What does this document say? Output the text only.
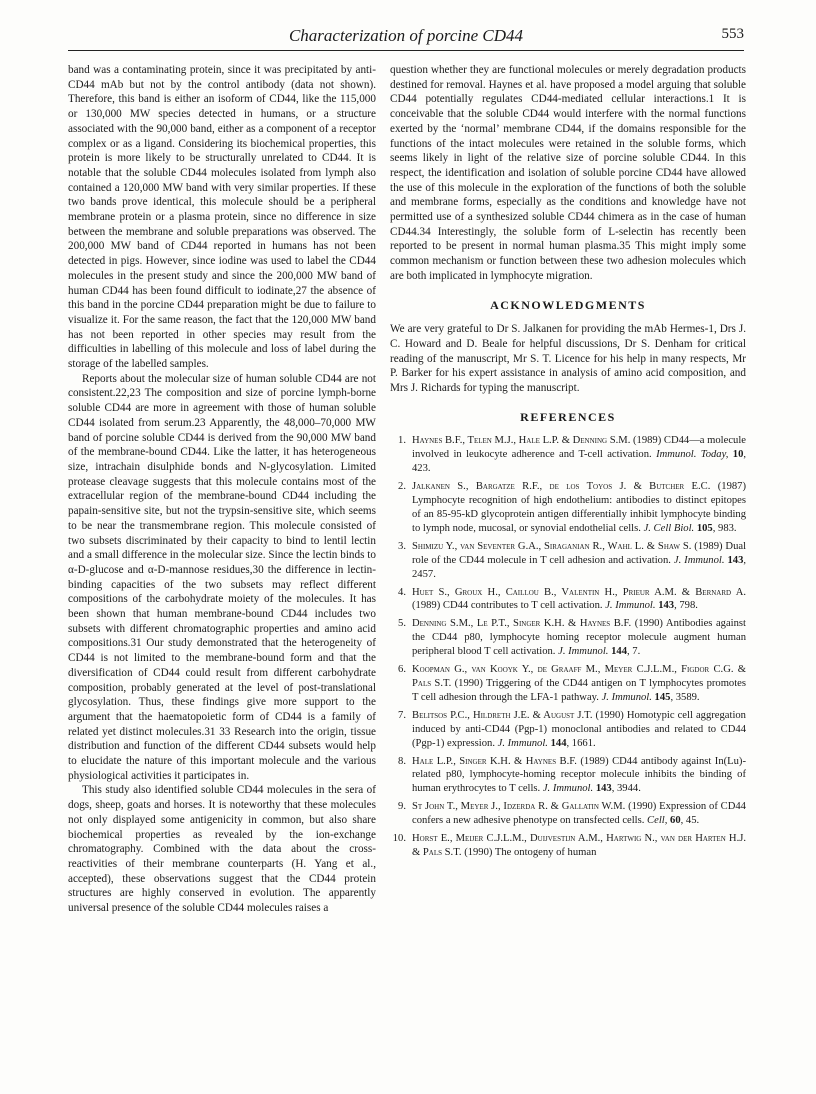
Characterization of porcine CD44	553

band was a contaminating protein, since it was precipitated by anti-CD44 mAb but not by the control antibody (data not shown). Therefore, this band is either an isoform of CD44, like the 115,000 or 130,000 MW species detected in humans, or a structure associated with the 90,000 band, either as a component of a receptor complex or as a ligand. Considering its biochemical properties, this protein is more likely to be structurally unrelated to CD44. It is notable that the soluble CD44 molecules isolated from lymph also contained a 120,000 MW band with very similar properties. If these two bands prove identical, this molecule should be a peripheral membrane protein or a plasma protein, since no difference in size between the membrane and soluble preparations was observed. The 200,000 MW band of CD44 reported in humans has not been detected in pigs. However, since iodine was used to label the CD44 molecules in the present study and since the 200,000 MW band of human CD44 has been found difficult to iodinate,27 the absence of this band in the porcine CD44 preparation might be due to failure to visualize it. For the same reason, the fact that the 120,000 MW band has not been reported in other species may result from the difficulties in labelling of this molecule and loss of label during the storage of the labelled samples.

Reports about the molecular size of human soluble CD44 are not consistent.22,23 The composition and size of porcine lymph-borne soluble CD44 are more in agreement with those of human soluble CD44 isolated from serum.23 Apparently, the 48,000–70,000 MW band of porcine soluble CD44 is derived from the 90,000 MW band of the membrane-bound CD44. Like the latter, it has heterogeneous size, intrachain disulphide bonds and N-glycosylation. Limited protease cleavage suggests that this molecule contains most of the extracellular region of the membrane-bound CD44 including the papain-sensitive site, but not the trypsin-sensitive site, which seems to be near the transmembrane region. This molecule consisted of two subsets discriminated by their capacity to bind to lentil lectin and a small difference in the molecular size. Since the lectin binds to α-D-glucose and α-D-mannose residues,30 the difference in lectin-binding capacities of the two subsets may reflect different compositions of the carbohydrate moiety of the molecules. It has been shown that human membrane-bound CD44 includes two subsets with different chromatographic properties and amino acid compositions.31 Our study demonstrated that the heterogeneity of CD44 is not limited to the membrane-bound form and that the diversification of CD44 could result from different carbohydrate composition, probably generated at the level of post-translational glycosylation. Thus, these findings give more support to the argument that the haematopoietic form of CD44 is a family of related yet distinct molecules.31 33 Research into the origin, tissue distribution and function of the different CD44 subsets would help to elucidate the nature of this important molecule and the various physiological activities it participates in.

This study also identified soluble CD44 molecules in the sera of dogs, sheep, goats and horses. It is noteworthy that these molecules not only displayed some antigenicity in common, but also share biochemical properties as revealed by the ion-exchange chromatography. Combined with the data about the cross-reactivities of their membrane counterparts (H. Yang et al., accepted), these observations suggest that the CD44 protein structures are highly conserved in evolution. The apparently universal presence of the soluble CD44 molecules raises a

question whether they are functional molecules or merely degradation products destined for removal. Haynes et al. have proposed a model arguing that soluble CD44 potentially regulates CD44-mediated cellular interactions.1 It is conceivable that the soluble CD44 would interfere with the normal functions exerted by the ‘normal’ membrane CD44, if the domains responsible for the functions of the intact molecules were retained in the soluble forms, which seems likely in light of the relative size of porcine soluble CD44. In this respect, the identification and isolation of soluble porcine CD44 have allowed the use of this molecule in the exploration of the functions of both the soluble and membrane forms, especially as the conditions and knowledge have not permitted use of a synthesized soluble CD44 chimera as in the case of human CD44.34 Interestingly, the soluble form of L-selectin has recently been reported to be present in normal human plasma.35 This might imply some common mechanism or function between these two adhesion molecules which are both implicated in lymphocyte migration.

ACKNOWLEDGMENTS

We are very grateful to Dr S. Jalkanen for providing the mAb Hermes-1, Drs J. C. Howard and D. Beale for helpful discussions, Dr S. Denham for critical reading of the manuscript, Mr S. T. Licence for his help in many respects, Mr P. Barker for his expert assistance in analysis of amino acid composition, and Mrs J. Richards for typing the manuscript.

REFERENCES
1. Haynes B.F., Telen M.J., Hale L.P. & Denning S.M. (1989) CD44—a molecule involved in leukocyte adherence and T-cell activation. Immunol. Today, 10, 423.
2. Jalkanen S., Bargatze R.F., de los Toyos J. & Butcher E.C. (1987) Lymphocyte recognition of high endothelium: antibodies to distinct epitopes of an 85-95-kD glycoprotein antigen differentially inhibit lymphocyte binding to lymph node, mucosal, or synovial endothelial cells. J. Cell Biol. 105, 983.
3. Shimizu Y., van Seventer G.A., Siraganian R., Wahl L. & Shaw S. (1989) Dual role of the CD44 molecule in T cell adhesion and activation. J. Immunol. 143, 2457.
4. Huet S., Groux H., Caillou B., Valentin H., Prieur A.M. & Bernard A. (1989) CD44 contributes to T cell activation. J. Immunol. 143, 798.
5. Denning S.M., Le P.T., Singer K.H. & Haynes B.F. (1990) Antibodies against the CD44 p80, lymphocyte homing receptor molecule augment human peripheral blood T cell activation. J. Immunol. 144, 7.
6. Koopman G., van Kooyk Y., de Graaff M., Meyer C.J.L.M., Figdor C.G. & Pals S.T. (1990) Triggering of the CD44 antigen on T lymphocytes promotes T cell adhesion through the LFA-1 pathway. J. Immunol. 145, 3589.
7. Belitsos P.C., Hildreth J.E. & August J.T. (1990) Homotypic cell aggregation induced by anti-CD44 (Pgp-1) monoclonal antibodies and related to CD44 (Pgp-1) expression. J. Immunol. 144, 1661.
8. Hale L.P., Singer K.H. & Haynes B.F. (1989) CD44 antibody against In(Lu)-related p80, lymphocyte-homing receptor molecule inhibits the binding of human erythrocytes to T cells. J. Immunol. 143, 3944.
9. St John T., Meyer J., Idzerda R. & Gallatin W.M. (1990) Expression of CD44 confers a new adhesive phenotype on transfected cells. Cell, 60, 45.
10. Horst E., Meijer C.J.L.M., Duijvestijn A.M., Hartwig N., van der Harten H.J. & Pals S.T. (1990) The ontogeny of human
